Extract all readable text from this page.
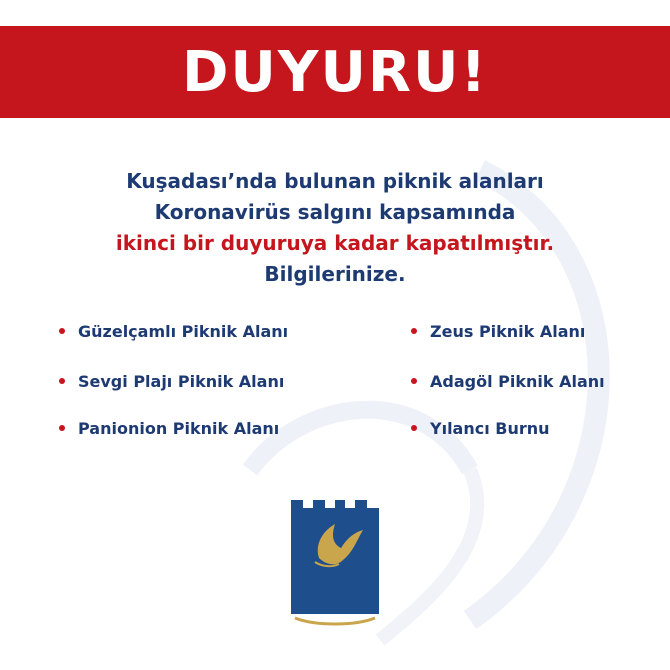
DUYURU!
Kuşadası’nda bulunan piknik alanları
Koronavirüs salgını kapsamında
ikinci bir duyuruya kadar kapatılmıştır.
Bilgilerinize.
Güzelçamlı Piknik Alanı
Sevgi Plajı Piknik Alanı
Panionion Piknik Alanı
Zeus Piknik Alanı
Adagöl Piknik Alanı
Yılancı Burnu
